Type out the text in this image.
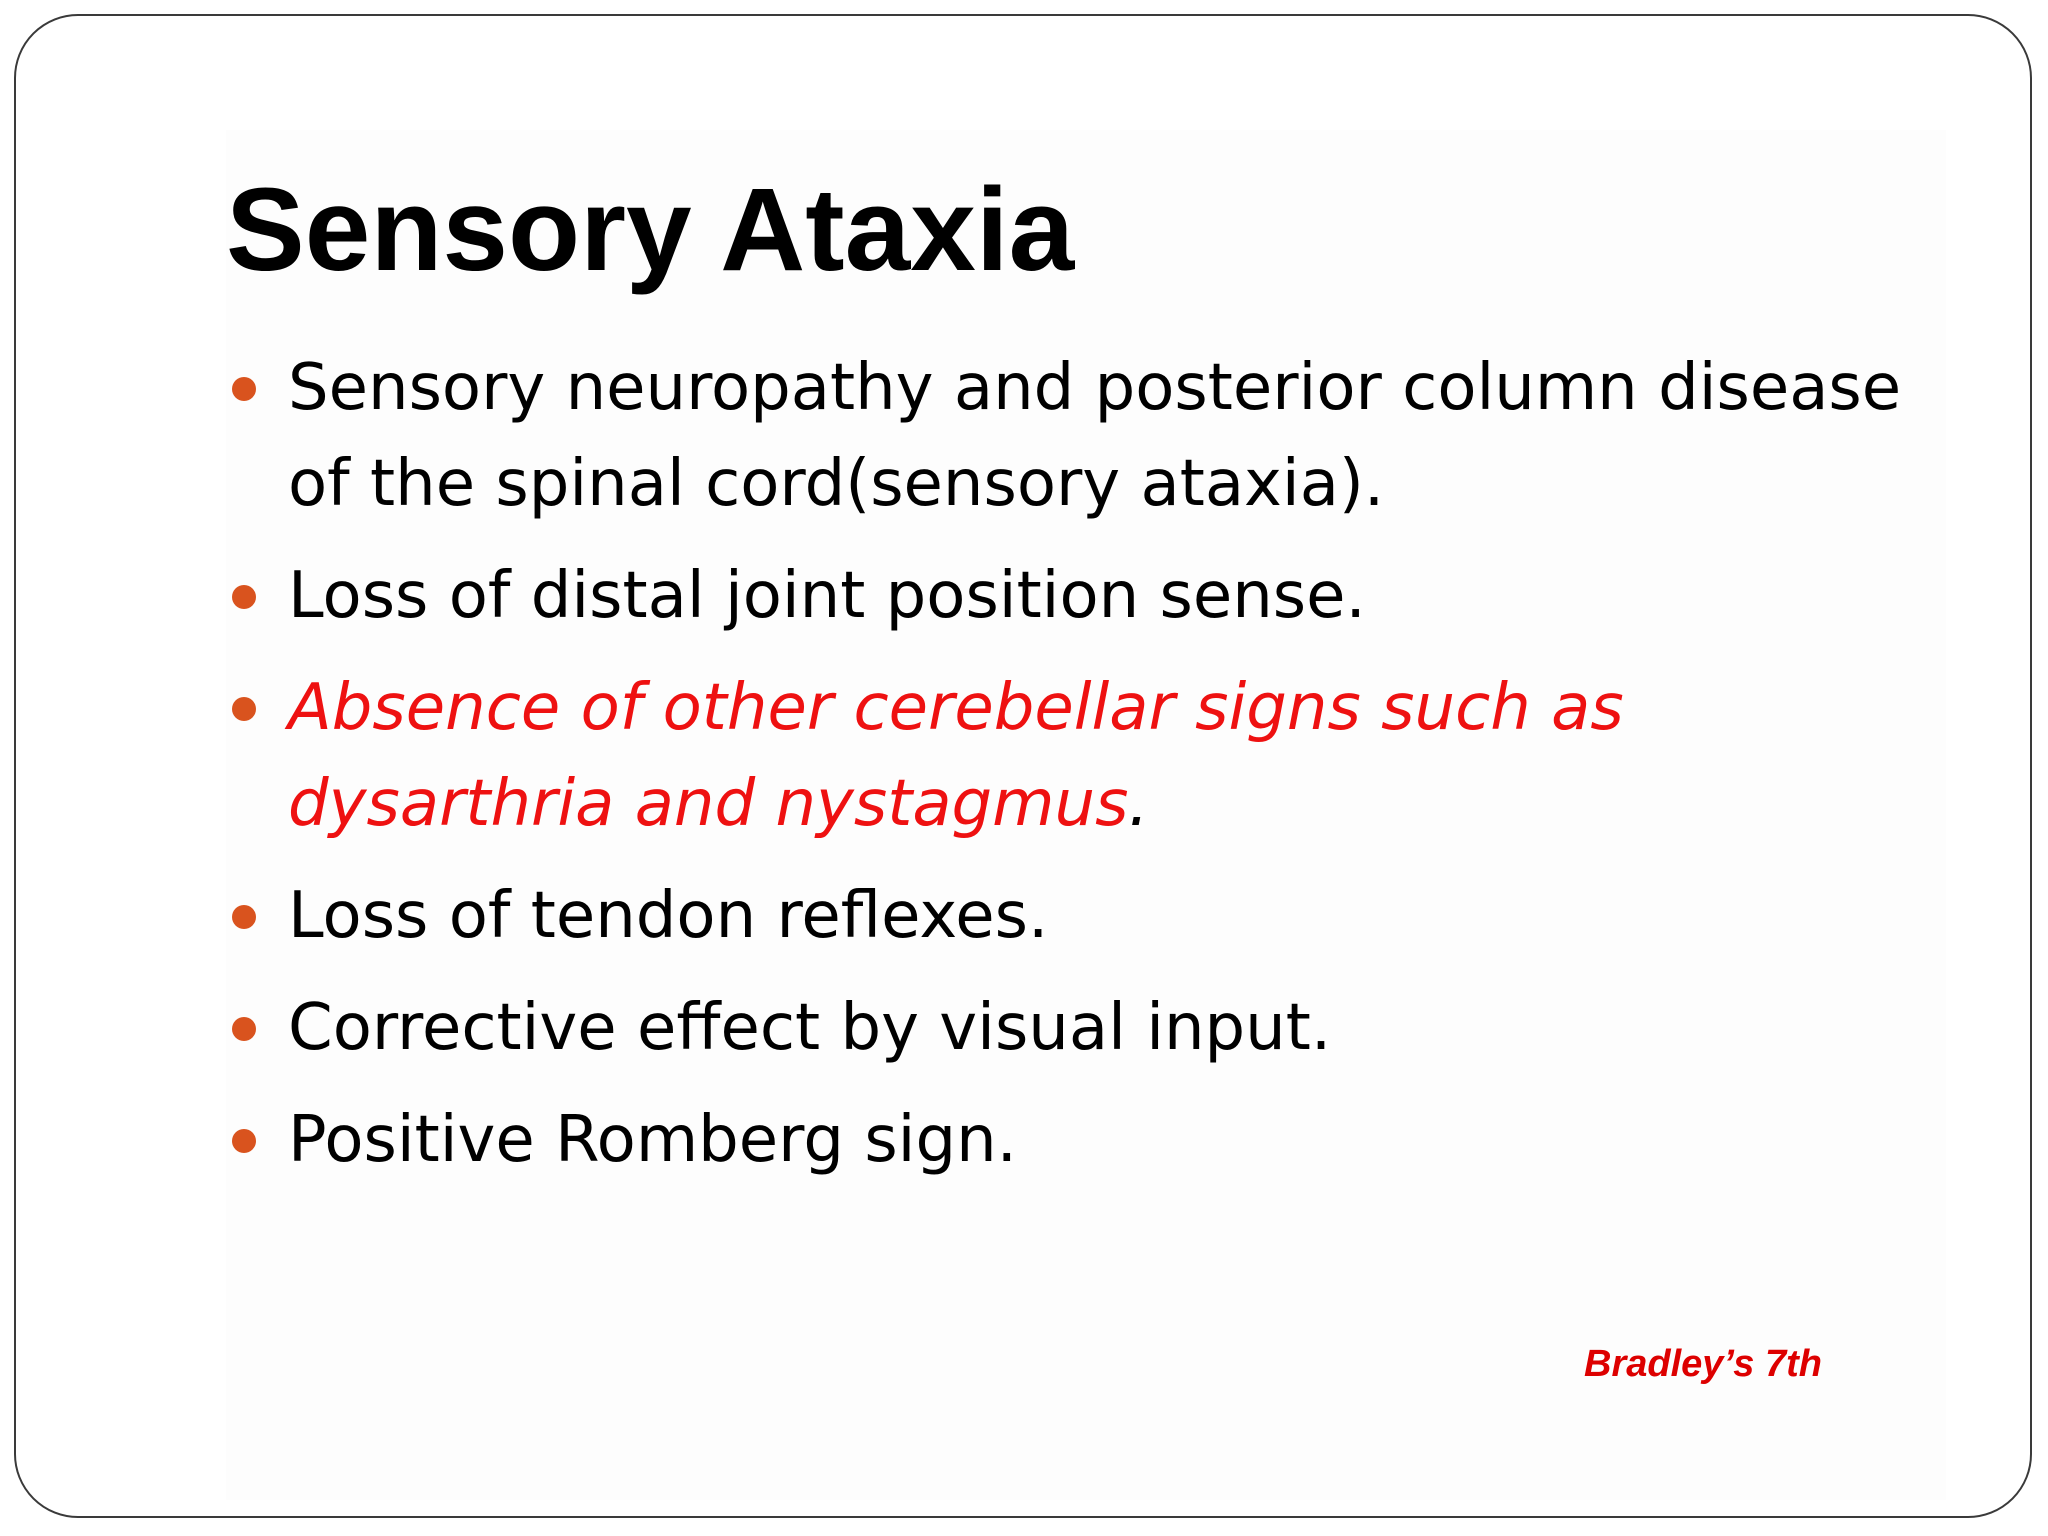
Sensory Ataxia
Sensory neuropathy and posterior column disease of the spinal cord(sensory ataxia).
Loss of distal joint position sense.
Absence of other cerebellar signs such as dysarthria and nystagmus.
Loss of tendon reflexes.
Corrective effect by visual input.
Positive Romberg sign.
Bradley’s 7th
